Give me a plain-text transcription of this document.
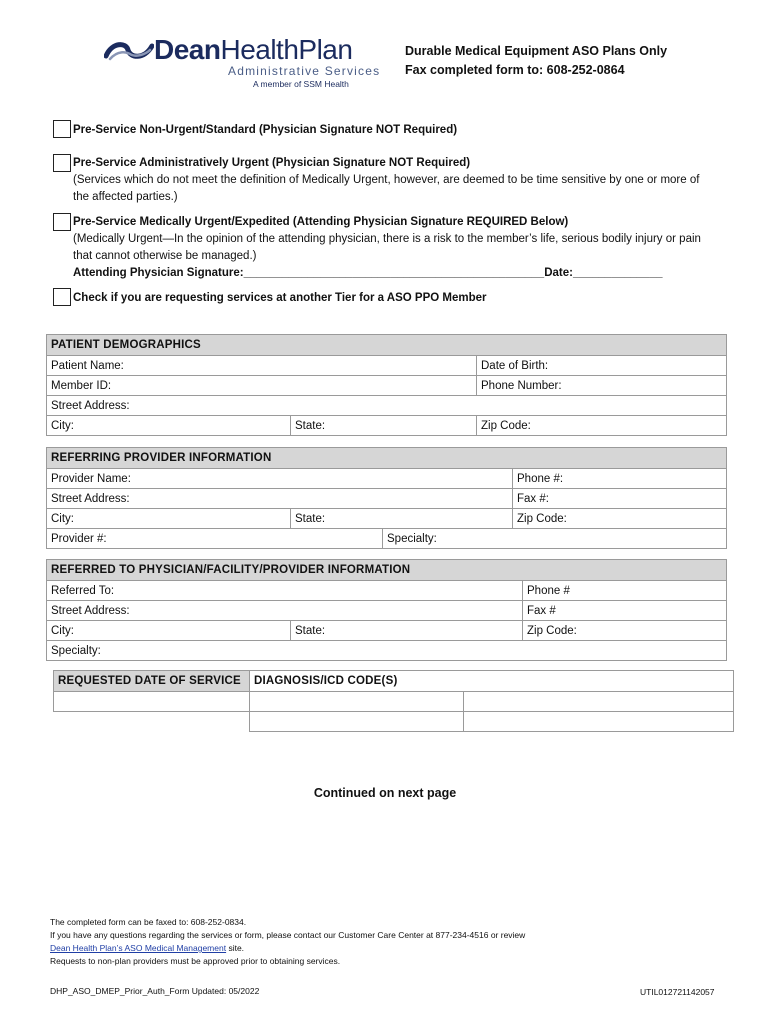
DeanHealthPlan
Administrative Services
A member of SSM Health
Durable Medical Equipment ASO Plans Only
Fax completed form to: 608-252-0864
Pre-Service Non-Urgent/Standard (Physician Signature NOT Required)
Pre-Service Administratively Urgent (Physician Signature NOT Required)
(Services which do not meet the definition of Medically Urgent, however, are deemed to be time sensitive by one or more of the affected parties.)
Pre-Service Medically Urgent/Expedited (Attending Physician Signature REQUIRED Below)
(Medically Urgent—In the opinion of the attending physician, there is a risk to the member’s life, serious bodily injury or pain that cannot otherwise be managed.)
Attending Physician Signature:_______________________________________________Date:______________
Check if you are requesting services at another Tier for a ASO PPO Member
PATIENT DEMOGRAPHICS		
Patient Name:		Date of Birth:
Member ID:		Phone Number:
Street Address:		
City:	State:	Zip Code:
REFERRING PROVIDER INFORMATION			
Provider Name:			Phone #:
Street Address:			Fax #:
City:	State:		Zip Code:
Provider #:		Specialty:	
REFERRED TO PHYSICIAN/FACILITY/PROVIDER INFORMATION		
Referred To:		Phone #
Street Address:		Fax #
City:	State:	Zip Code:
Specialty:		
REQUESTED DATE OF SERVICE	DIAGNOSIS/ICD CODE(S)	

Continued on next page
The completed form can be faxed to: 608-252-0834.
If you have any questions regarding the services or form, please contact our Customer Care Center at 877-234-4516 or review
Dean Health Plan’s ASO Medical Management site.
Requests to non-plan providers must be approved prior to obtaining services.
DHP_ASO_DMEP_Prior_Auth_Form Updated: 05/2022	UTIL012721142057
